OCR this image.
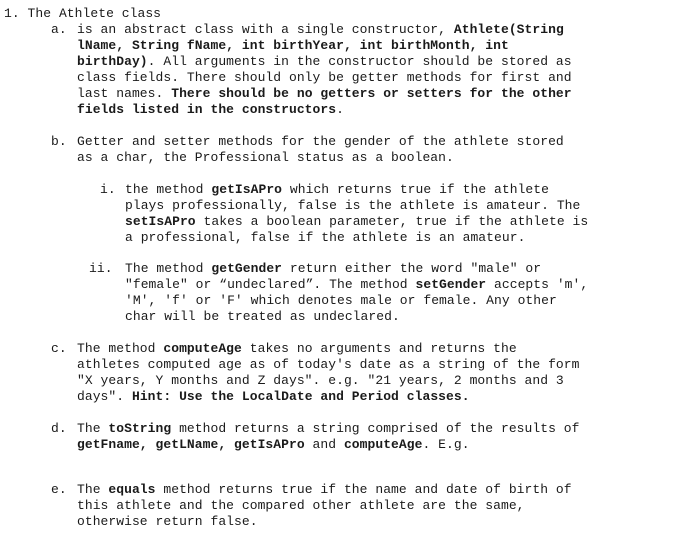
1. The Athlete class
a. is an abstract class with a single constructor, Athlete(String
lName, String fName, int birthYear, int birthMonth, int
birthDay). All arguments in the constructor should be stored as
class fields. There should only be getter methods for first and
last names. There should be no getters or setters for the other
fields listed in the constructors.
b. Getter and setter methods for the gender of the athlete stored
as a char, the Professional status as a boolean.
i. the method getIsAPro which returns true if the athlete
plays professionally, false is the athlete is amateur. The
setIsAPro takes a boolean parameter, true if the athlete is
a professional, false if the athlete is an amateur.
ii. The method getGender return either the word "male" or
"female" or “undeclared”. The method setGender accepts 'm',
'M', 'f' or 'F' which denotes male or female. Any other
char will be treated as undeclared.
c. The method computeAge takes no arguments and returns the
athletes computed age as of today's date as a string of the form
"X years, Y months and Z days". e.g. "21 years, 2 months and 3
days". Hint: Use the LocalDate and Period classes.
d. The toString method returns a string comprised of the results of
getFname, getLName, getIsAPro and computeAge. E.g.
e. The equals method returns true if the name and date of birth of
this athlete and the compared other athlete are the same,
otherwise return false.
